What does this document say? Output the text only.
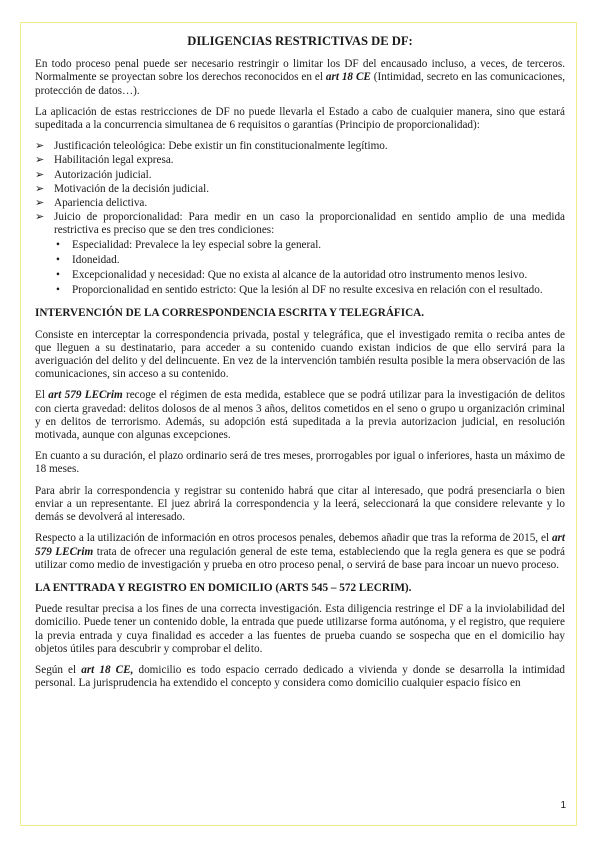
DILIGENCIAS RESTRICTIVAS DE DF:

En todo proceso penal puede ser necesario restringir o limitar los DF del encausado incluso, a veces, de terceros. Normalmente se proyectan sobre los derechos reconocidos en el art 18 CE (Intimidad, secreto en las comunicaciones, protección de datos…).

La aplicación de estas restricciones de DF no puede llevarla el Estado a cabo de cualquier manera, sino que estará supeditada a la concurrencia simultanea de 6 requisitos o garantías (Principio de proporcionalidad):

➢ Justificación teleológica: Debe existir un fin constitucionalmente legítimo.
➢ Habilitación legal expresa.
➢ Autorización judicial.
➢ Motivación de la decisión judicial.
➢ Apariencia delictiva.
➢ Juicio de proporcionalidad: Para medir en un caso la proporcionalidad en sentido amplio de una medida restrictiva es preciso que se den tres condiciones:
• Especialidad: Prevalece la ley especial sobre la general.
• Idoneidad.
• Excepcionalidad y necesidad: Que no exista al alcance de la autoridad otro instrumento menos lesivo.
• Proporcionalidad en sentido estricto: Que la lesión al DF no resulte excesiva en relación con el resultado.
INTERVENCIÓN DE LA CORRESPONDENCIA ESCRITA Y TELEGRÁFICA.

Consiste en interceptar la correspondencia privada, postal y telegráfica, que el investigado remita o reciba antes de que lleguen a su destinatario, para acceder a su contenido cuando existan indicios de que ello servirá para la averiguación del delito y del delincuente. En vez de la intervención también resulta posible la mera observación de las comunicaciones, sin acceso a su contenido.

El art 579 LECrim recoge el régimen de esta medida, establece que se podrá utilizar para la investigación de delitos con cierta gravedad: delitos dolosos de al menos 3 años, delitos cometidos en el seno o grupo u organización criminal y en delitos de terrorismo. Además, su adopción está supeditada a la previa autorizacion judicial, en resolución motivada, aunque con algunas excepciones.

En cuanto a su duración, el plazo ordinario será de tres meses, prorrogables por igual o inferiores, hasta un máximo de 18 meses.

Para abrir la correspondencia y registrar su contenido habrá que citar al interesado, que podrá presenciarla o bien enviar a un representante. El juez abrirá la correspondencia y la leerá, seleccionará la que considere relevante y lo demás se devolverá al interesado.

Respecto a la utilización de información en otros procesos penales, debemos añadir que tras la reforma de 2015, el art 579 LECrim trata de ofrecer una regulación general de este tema, estableciendo que la regla genera es que se podrá utilizar como medio de investigación y prueba en otro proceso penal, o servirá de base para incoar un nuevo proceso.

LA ENTTRADA Y REGISTRO EN DOMICILIO (ARTS 545 – 572 LECRIM).

Puede resultar precisa a los fines de una correcta investigación. Esta diligencia restringe el DF a la inviolabilidad del domicilio. Puede tener un contenido doble, la entrada que puede utilizarse forma autónoma, y el registro, que requiere la previa entrada y cuya finalidad es acceder a las fuentes de prueba cuando se sospecha que en el domicilio hay objetos útiles para descubrir y comprobar el delito.

Según el art 18 CE, domicilio es todo espacio cerrado dedicado a vivienda y donde se desarrolla la intimidad personal. La jurisprudencia ha extendido el concepto y considera como domicilio cualquier espacio físico en

1
